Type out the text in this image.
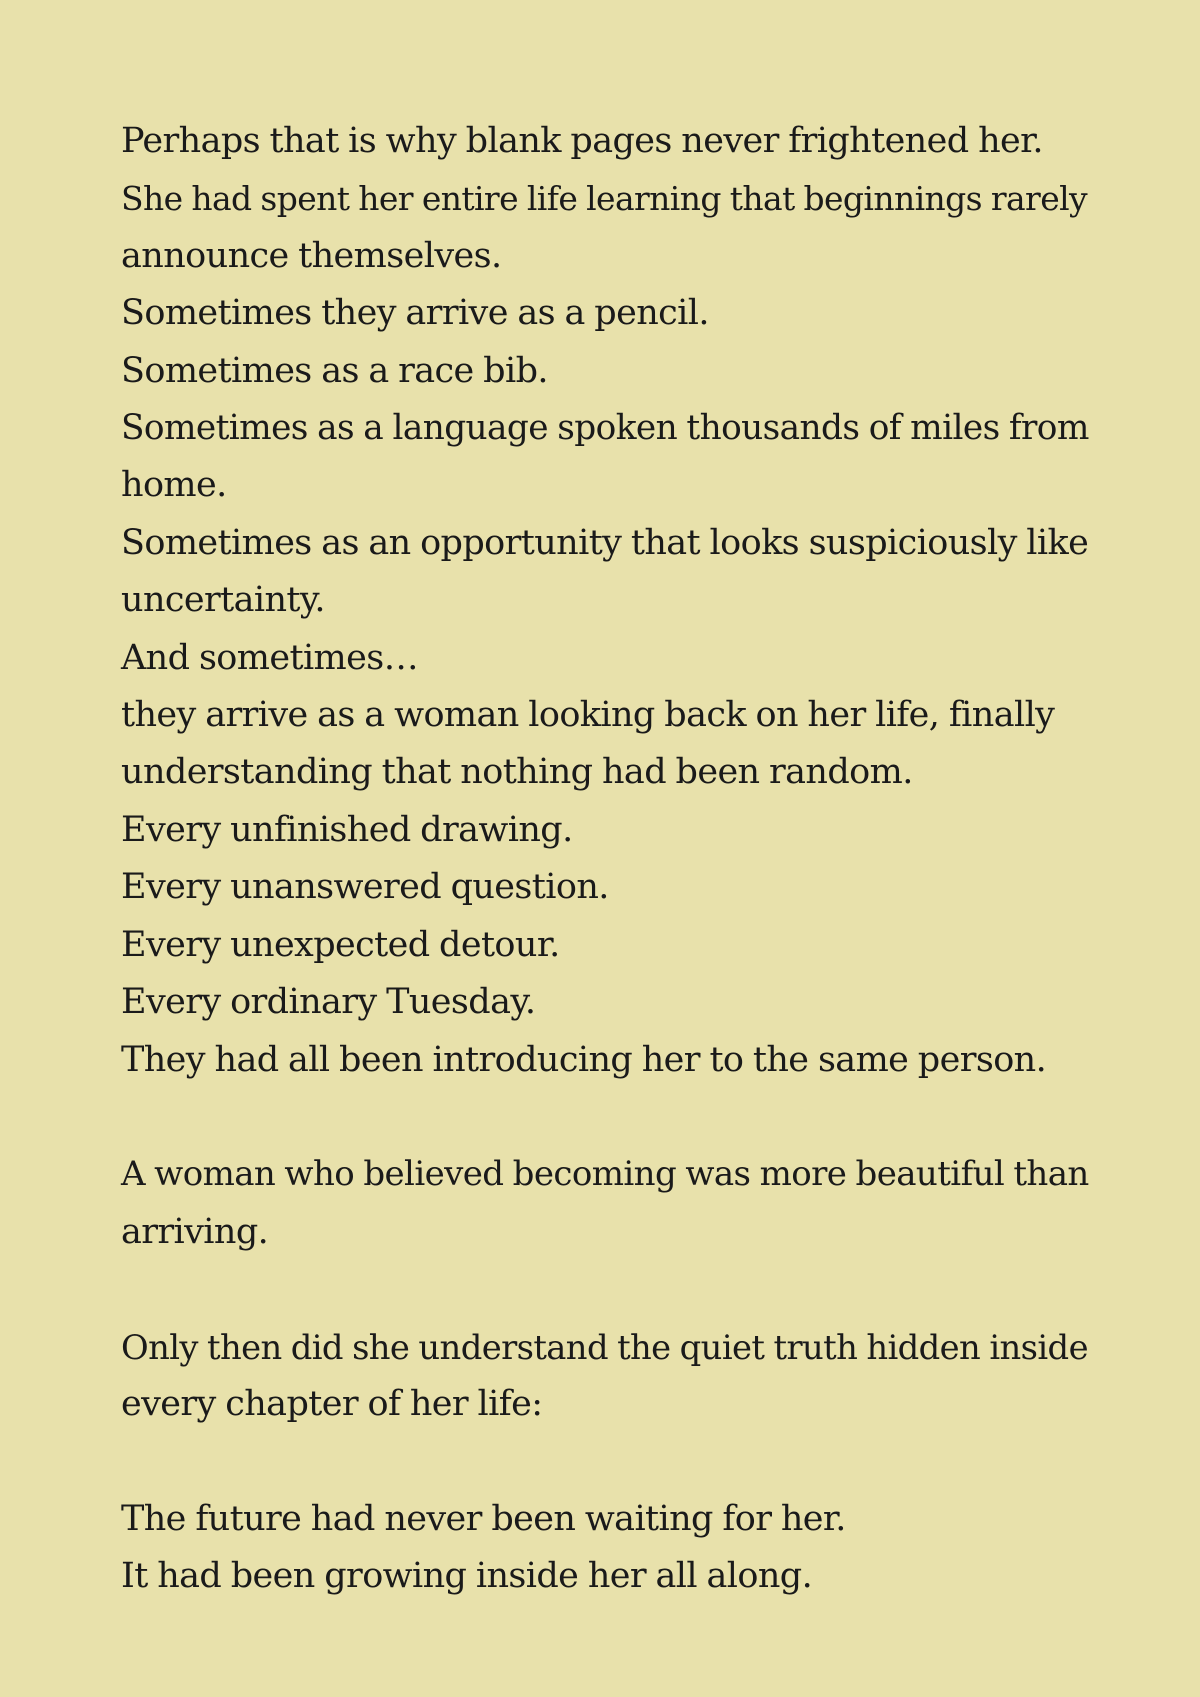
Perhaps that is why blank pages never frightened her.
She had spent her entire life learning that beginnings rarely
announce themselves.
Sometimes they arrive as a pencil.
Sometimes as a race bib.
Sometimes as a language spoken thousands of miles from
home.
Sometimes as an opportunity that looks suspiciously like
uncertainty.
And sometimes…
they arrive as a woman looking back on her life, finally
understanding that nothing had been random.
Every unfinished drawing.
Every unanswered question.
Every unexpected detour.
Every ordinary Tuesday.
They had all been introducing her to the same person.
A woman who believed becoming was more beautiful than
arriving.
Only then did she understand the quiet truth hidden inside
every chapter of her life:
The future had never been waiting for her.
It had been growing inside her all along.
